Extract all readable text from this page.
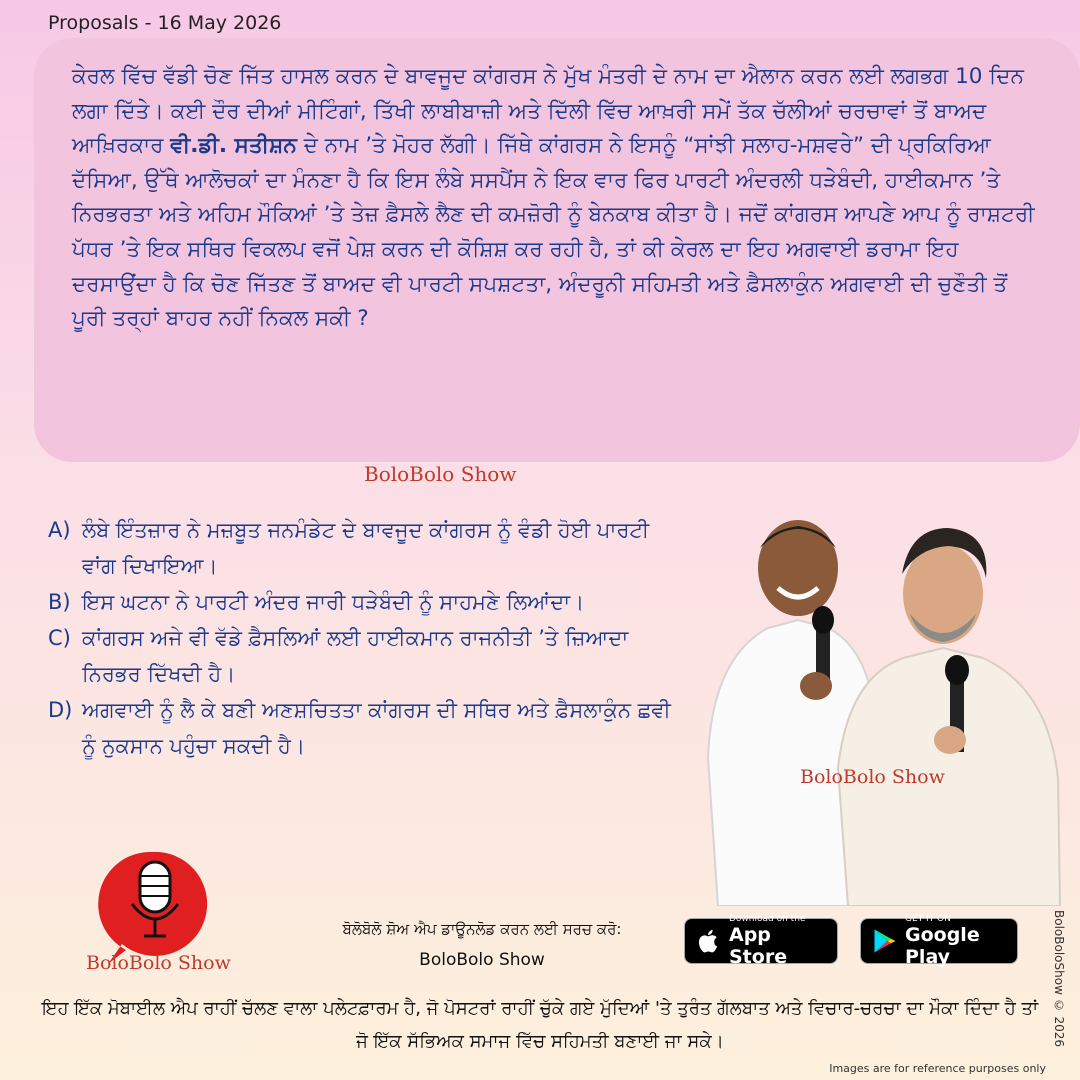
Proposals - 16 May 2026

ਕੇਰਲ ਵਿੱਚ ਵੱਡੀ ਚੋਣ ਜਿੱਤ ਹਾਸਲ ਕਰਨ ਦੇ ਬਾਵਜੂਦ ਕਾਂਗਰਸ ਨੇ ਮੁੱਖ ਮੰਤਰੀ ਦੇ ਨਾਮ ਦਾ ਐਲਾਨ ਕਰਨ ਲਈ ਲਗਭਗ 10 ਦਿਨ ਲਗਾ ਦਿੱਤੇ। ਕਈ ਦੌਰ ਦੀਆਂ ਮੀਟਿੰਗਾਂ, ਤਿੱਖੀ ਲਾਬੀਬਾਜ਼ੀ ਅਤੇ ਦਿੱਲੀ ਵਿੱਚ ਆਖ਼ਰੀ ਸਮੇਂ ਤੱਕ ਚੱਲੀਆਂ ਚਰਚਾਵਾਂ ਤੋਂ ਬਾਅਦ ਆਖ਼ਿਰਕਾਰ ਵੀ.ਡੀ. ਸਤੀਸ਼ਨ ਦੇ ਨਾਮ ’ਤੇ ਮੋਹਰ ਲੱਗੀ। ਜਿੱਥੇ ਕਾਂਗਰਸ ਨੇ ਇਸਨੂੰ “ਸਾਂਝੀ ਸਲਾਹ-ਮਸ਼ਵਰੇ” ਦੀ ਪ੍ਰਕਿਰਿਆ ਦੱਸਿਆ, ਉੱਥੇ ਆਲੋਚਕਾਂ ਦਾ ਮੰਨਣਾ ਹੈ ਕਿ ਇਸ ਲੰਬੇ ਸਸਪੈਂਸ ਨੇ ਇਕ ਵਾਰ ਫਿਰ ਪਾਰਟੀ ਅੰਦਰਲੀ ਧੜੇਬੰਦੀ, ਹਾਈਕਮਾਨ ’ਤੇ ਨਿਰਭਰਤਾ ਅਤੇ ਅਹਿਮ ਮੌਕਿਆਂ ’ਤੇ ਤੇਜ਼ ਫ਼ੈਸਲੇ ਲੈਣ ਦੀ ਕਮਜ਼ੋਰੀ ਨੂੰ ਬੇਨਕਾਬ ਕੀਤਾ ਹੈ। ਜਦੋਂ ਕਾਂਗਰਸ ਆਪਣੇ ਆਪ ਨੂੰ ਰਾਸ਼ਟਰੀ ਪੱਧਰ ’ਤੇ ਇਕ ਸਥਿਰ ਵਿਕਲਪ ਵਜੋਂ ਪੇਸ਼ ਕਰਨ ਦੀ ਕੋਸ਼ਿਸ਼ ਕਰ ਰਹੀ ਹੈ, ਤਾਂ ਕੀ ਕੇਰਲ ਦਾ ਇਹ ਅਗਵਾਈ ਡਰਾਮਾ ਇਹ ਦਰਸਾਉਂਦਾ ਹੈ ਕਿ ਚੋਣ ਜਿੱਤਣ ਤੋਂ ਬਾਅਦ ਵੀ ਪਾਰਟੀ ਸਪਸ਼ਟਤਾ, ਅੰਦਰੂਨੀ ਸਹਿਮਤੀ ਅਤੇ ਫ਼ੈਸਲਾਕੁੰਨ ਅਗਵਾਈ ਦੀ ਚੁਣੌਤੀ ਤੋਂ ਪੂਰੀ ਤਰ੍ਹਾਂ ਬਾਹਰ ਨਹੀਂ ਨਿਕਲ ਸਕੀ ?

BoloBolo Show
A) ਲੰਬੇ ਇੰਤਜ਼ਾਰ ਨੇ ਮਜ਼ਬੂਤ ਜਨਮੰਡੇਟ ਦੇ ਬਾਵਜੂਦ ਕਾਂਗਰਸ ਨੂੰ ਵੰਡੀ ਹੋਈ ਪਾਰਟੀ ਵਾਂਗ ਦਿਖਾਇਆ।
B) ਇਸ ਘਟਨਾ ਨੇ ਪਾਰਟੀ ਅੰਦਰ ਜਾਰੀ ਧੜੇਬੰਦੀ ਨੂੰ ਸਾਹਮਣੇ ਲਿਆਂਦਾ।
C) ਕਾਂਗਰਸ ਅਜੇ ਵੀ ਵੱਡੇ ਫ਼ੈਸਲਿਆਂ ਲਈ ਹਾਈਕਮਾਨ ਰਾਜਨੀਤੀ ’ਤੇ ਜ਼ਿਆਦਾ ਨਿਰਭਰ ਦਿੱਖਦੀ ਹੈ।
D) ਅਗਵਾਈ ਨੂੰ ਲੈ ਕੇ ਬਣੀ ਅਣਸ਼ਚਿਤਤਾ ਕਾਂਗਰਸ ਦੀ ਸਥਿਰ ਅਤੇ ਫ਼ੈਸਲਾਕੁੰਨ ਛਵੀ ਨੂੰ ਨੁਕਸਾਨ ਪਹੁੰਚਾ ਸਕਦੀ ਹੈ।
BoloBolo Show
BoloBolo Show
ਬੋਲੋਬੋਲੋ ਸ਼ੋਅ ਐਪ ਡਾਊਨਲੋਡ ਕਰਨ ਲਈ ਸਰਚ ਕਰੋ:
BoloBolo Show
Download on the
App Store
GET IT ON
Google Play
ਇਹ ਇੱਕ ਮੋਬਾਈਲ ਐਪ ਰਾਹੀਂ ਚੱਲਣ ਵਾਲਾ ਪਲੇਟਫ਼ਾਰਮ ਹੈ, ਜੋ ਪੋਸਟਰਾਂ ਰਾਹੀਂ ਚੁੱਕੇ ਗਏ ਮੁੱਦਿਆਂ 'ਤੇ ਤੁਰੰਤ ਗੱਲਬਾਤ ਅਤੇ ਵਿਚਾਰ-ਚਰਚਾ ਦਾ ਮੌਕਾ ਦਿੰਦਾ ਹੈ ਤਾਂ ਜੋ ਇੱਕ ਸੱਭਿਅਕ ਸਮਾਜ ਵਿੱਚ ਸਹਿਮਤੀ ਬਣਾਈ ਜਾ ਸਕੇ।	BoloBoloShow © 2026
Images are for reference purposes only
